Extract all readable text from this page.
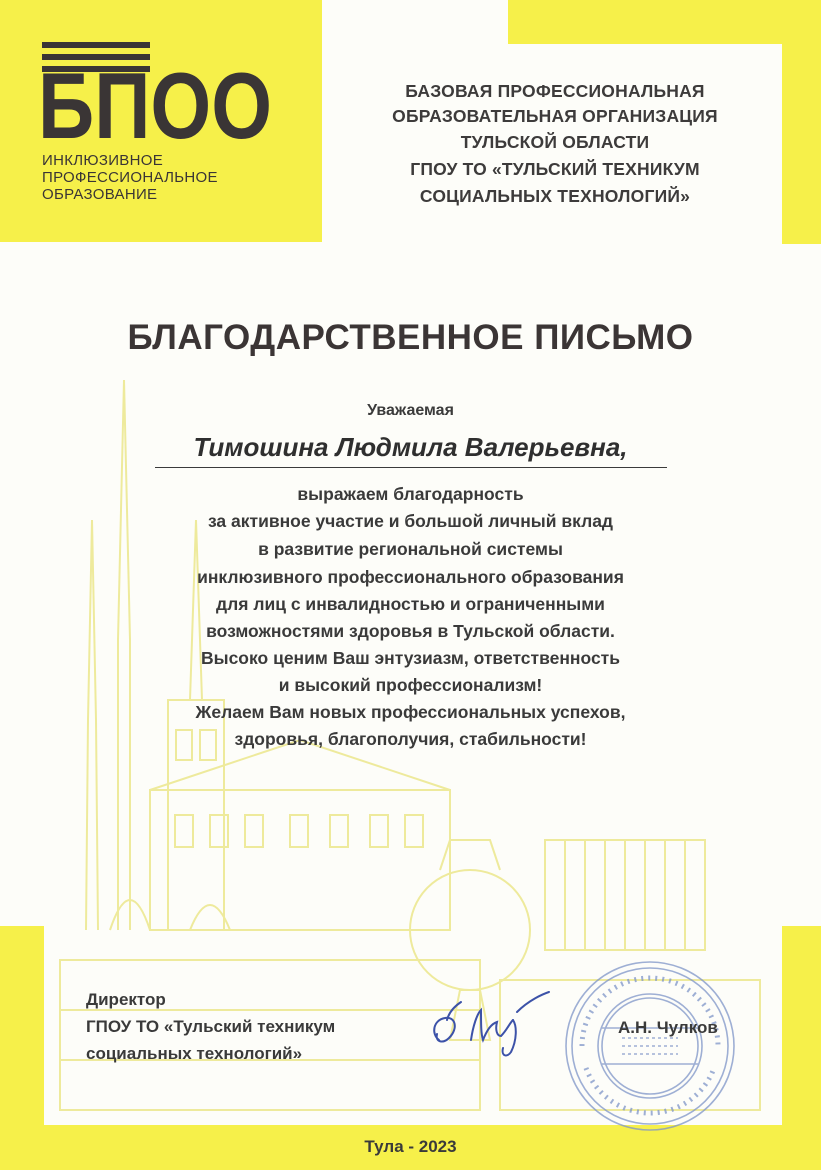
БПОО
ИНКЛЮЗИВНОЕ
ПРОФЕССИОНАЛЬНОЕ
ОБРАЗОВАНИЕ
БАЗОВАЯ ПРОФЕССИОНАЛЬНАЯ
ОБРАЗОВАТЕЛЬНАЯ ОРГАНИЗАЦИЯ
ТУЛЬСКОЙ ОБЛАСТИ
ГПОУ ТО «ТУЛЬСКИЙ ТЕХНИКУМ
СОЦИАЛЬНЫХ ТЕХНОЛОГИЙ»
БЛАГОДАРСТВЕННОЕ ПИСЬМО
Уважаемая
Тимошина Людмила Валерьевна,
выражаем благодарность
за активное участие и большой личный вклад
в развитие региональной системы
инклюзивного профессионального образования
для лиц с инвалидностью и ограниченными
возможностями здоровья в Тульской области.
Высоко ценим Ваш энтузиазм, ответственность
и высокий профессионализм!
Желаем Вам новых профессиональных успехов,
здоровья, благополучия, стабильности!
Директор
ГПОУ ТО «Тульский техникум
социальных технологий»
А.Н. Чулков
Тула - 2023
